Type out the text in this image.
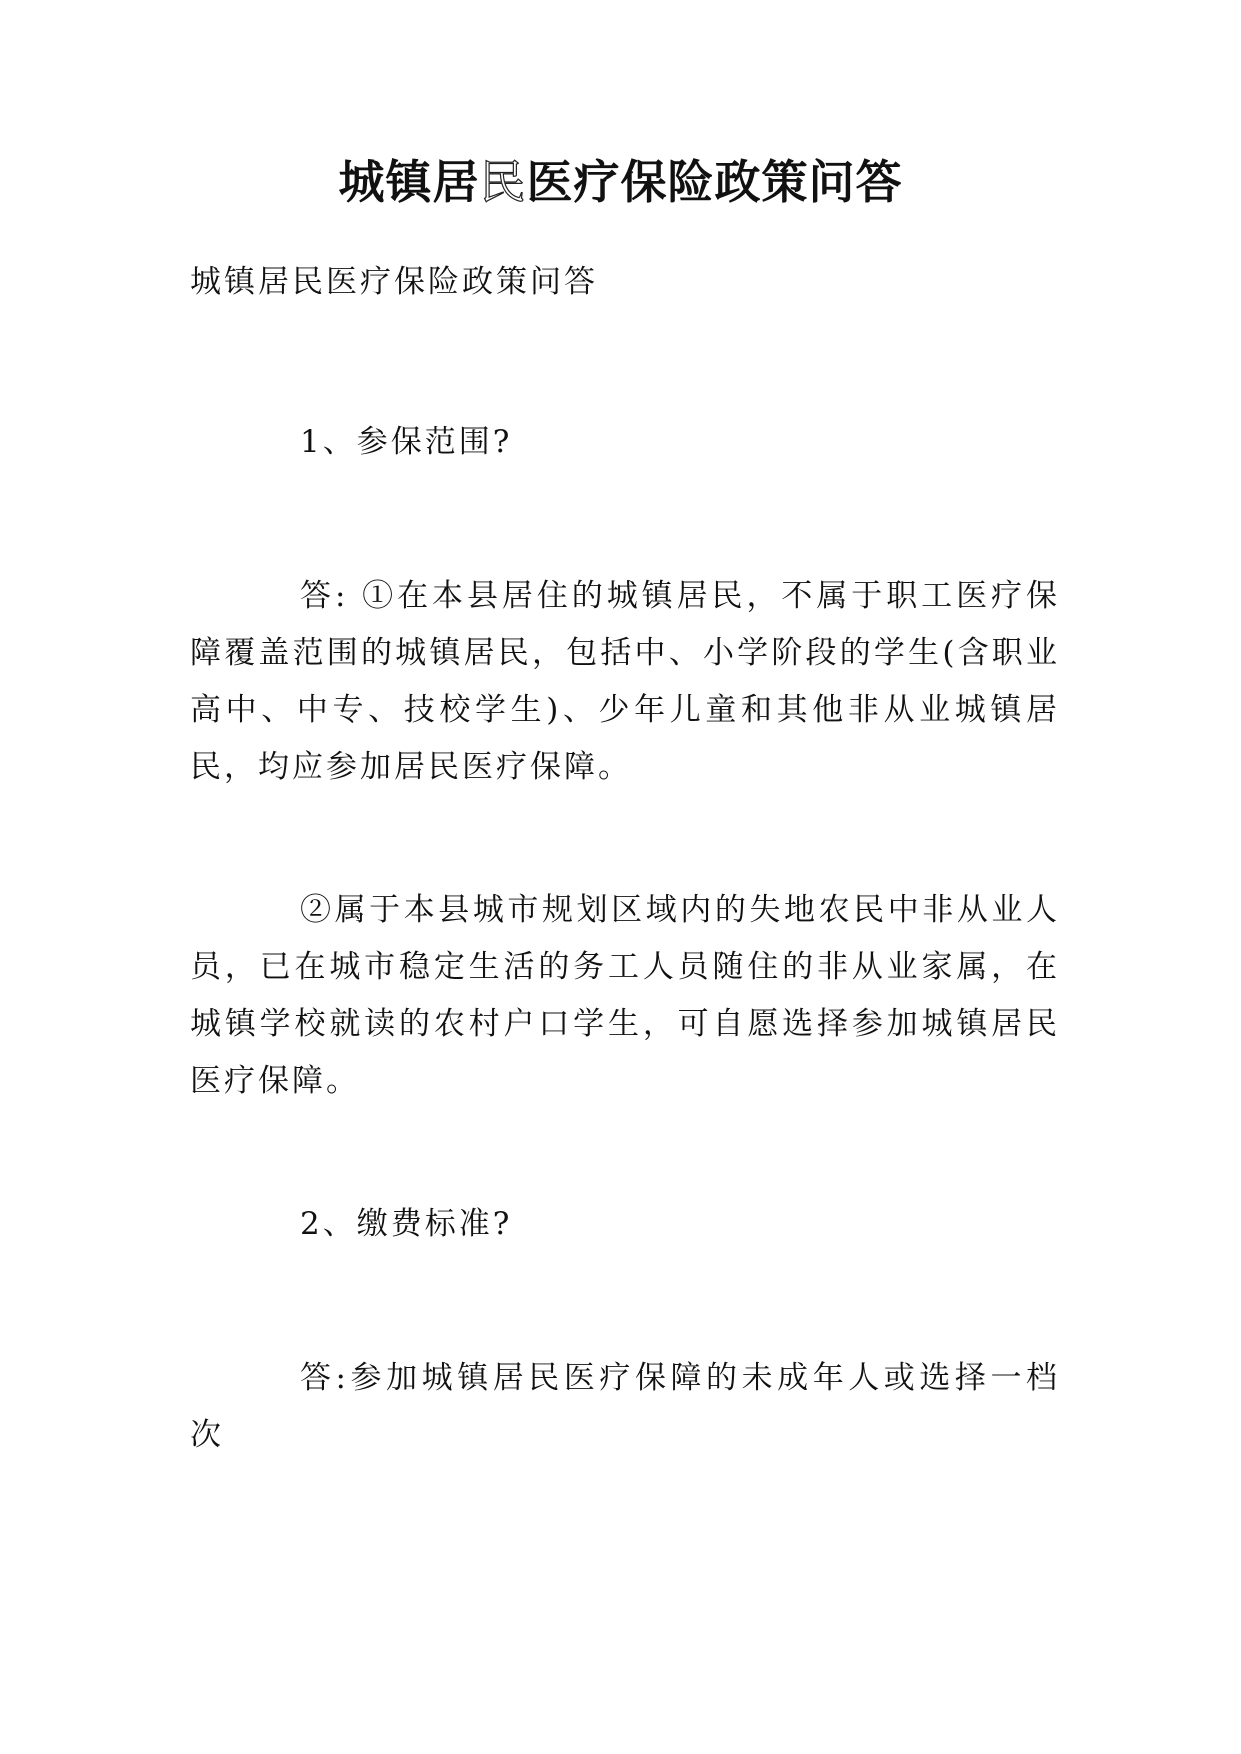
城镇居民医疗保险政策问答

城镇居民医疗保险政策问答

1、参保范围?

答: ①在本县居住的城镇居民，不属于职工医疗保障覆盖范围的城镇居民，包括中、小学阶段的学生(含职业高中、中专、技校学生)、少年儿童和其他非从业城镇居民，均应参加居民医疗保障。

②属于本县城市规划区域内的失地农民中非从业人员，已在城市稳定生活的务工人员随住的非从业家属，在城镇学校就读的农村户口学生，可自愿选择参加城镇居民医疗保障。

2、缴费标准?

答:参加城镇居民医疗保障的未成年人或选择一档次
